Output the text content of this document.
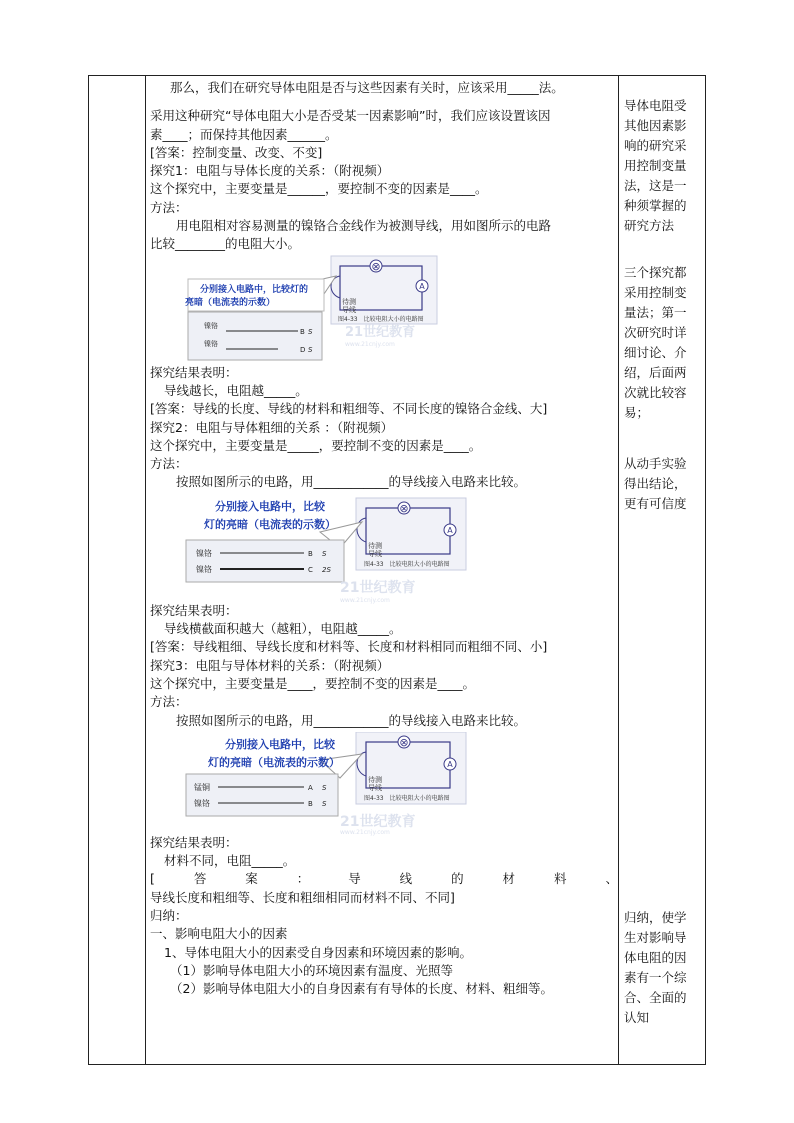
那么，我们在研究导体电阻是否与这些因素有关时，应该采用_____法。
采用这种研究“导体电阻大小是否受某一因素影响”时，我们应该设置该因
素____；而保持其他因素______。
[答案：控制变量、改变、不变]
探究1：电阻与导体长度的关系：（附视频）
这个探究中，主要变量是______，要控制不变的因素是____。
方法：
用电阻相对容易测量的镍铬合金线作为被测导线，用如图所示的电路
比较________的电阻大小。
⊗
A
待测
导线
图4-33　比较电阻大小的电路图
分别接入电路中，比较灯的
亮暗（电流表的示数）
镍铬
B S
镍铬
D S
21世纪教育
www.21cnjy.com
探究结果表明：
导线越长，电阻越_____。
[答案：导线的长度、导线的材料和粗细等、不同长度的镍铬合金线、大]
探究2：电阻与导体粗细的关系 ：（附视频）
这个探究中，主要变量是_____，要控制不变的因素是____。
方法：
按照如图所示的电路，用____________的导线接入电路来比较。
⊗
A
待测
导线
图4-33　比较电阻大小的电路图
分别接入电路中，比较
灯的亮暗（电流表的示数）
镍铬	B S
镍铬	C 2S
21世纪教育
www.21cnjy.com
探究结果表明：
导线横截面积越大（越粗），电阻越_____。
[答案：导线粗细、导线长度和材料等、长度和材料相同而粗细不同、小]
探究3：电阻与导体材料的关系：（附视频）
这个探究中，主要变量是____，要控制不变的因素是____。
方法：
按照如图所示的电路，用____________的导线接入电路来比较。
⊗
A
待测
导线
图4-33　比较电阻大小的电路图
分别接入电路中，比较
灯的亮暗（电流表的示数）
锰铜	A S
镍铬	B S
21世纪教育
www.21cnjy.com
探究结果表明：
材料不同，电阻_____。
[	答	案	：	导	线	的	材	料	、
导线长度和粗细等、长度和粗细相同而材料不同、不同]
归纳：
一、影响电阻大小的因素
1、导体电阻大小的因素受自身因素和环境因素的影响。
（1）影响导体电阻大小的环境因素有温度、光照等
（2）影响导体电阻大小的自身因素有有导体的长度、材料、粗细等。
导体电阻受
其他因素影
响的研究采
用控制变量
法，这是一
种须掌握的
研究方法
三个探究都
采用控制变
量法；第一
次研究时详
细讨论、介
绍，后面两
次就比较容
易；
从动手实验
得出结论，
更有可信度
归纳，使学
生对影响导
体电阻的因
素有一个综
合、全面的
认知
